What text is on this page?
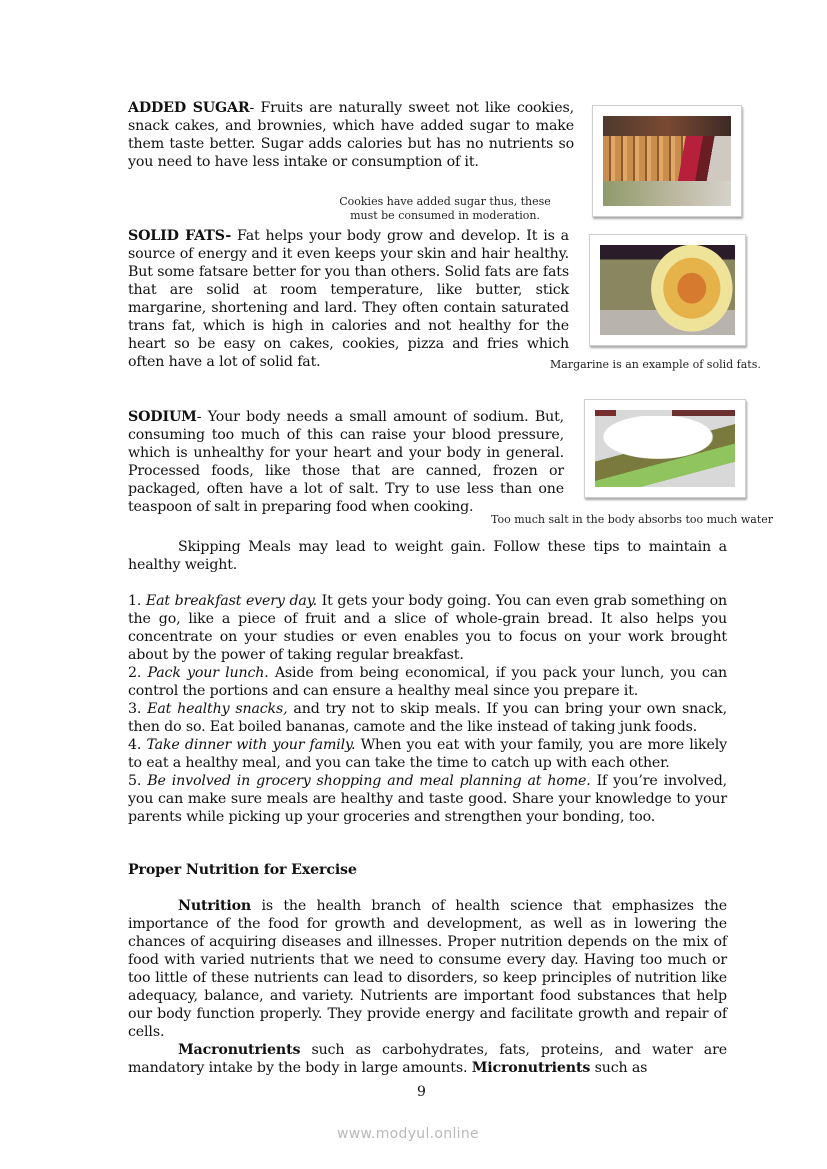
ADDED SUGAR- Fruits are naturally sweet not like cookies, snack cakes, and brownies, which have added sugar to make them taste better. Sugar adds calories but has no nutrients so you need to have less intake or consumption of it.
Cookies have added sugar thus, these
must be consumed in moderation.
SOLID FATS- Fat helps your body grow and develop. It is a source of energy and it even keeps your skin and hair healthy. But some fatsare better for you than others. Solid fats are fats that are solid at room temperature, like butter, stick margarine, shortening and lard. They often contain saturated trans fat, which is high in calories and not healthy for the heart so be easy on cakes, cookies, pizza and fries which often have a lot of solid fat.	Margarine is an example of solid fats.
SODIUM- Your body needs a small amount of sodium. But, consuming too much of this can raise your blood pressure, which is unhealthy for your heart and your body in general. Processed foods, like those that are canned, frozen or packaged, often have a lot of salt. Try to use less than one teaspoon of salt in preparing food when cooking.
Too much salt in the body absorbs too much water
Skipping Meals may lead to weight gain. Follow these tips to maintain a healthy weight.
1. Eat breakfast every day. It gets your body going. You can even grab something on the go, like a piece of fruit and a slice of whole-grain bread. It also helps you concentrate on your studies or even enables you to focus on your work brought about by the power of taking regular breakfast.
2. Pack your lunch. Aside from being economical, if you pack your lunch, you can control the portions and can ensure a healthy meal since you prepare it.
3. Eat healthy snacks, and try not to skip meals. If you can bring your own snack, then do so. Eat boiled bananas, camote and the like instead of taking junk foods.
4. Take dinner with your family. When you eat with your family, you are more likely to eat a healthy meal, and you can take the time to catch up with each other.
5. Be involved in grocery shopping and meal planning at home. If you’re involved, you can make sure meals are healthy and taste good. Share your knowledge to your parents while picking up your groceries and strengthen your bonding, too.
Proper Nutrition for Exercise
Nutrition is the health branch of health science that emphasizes the importance of the food for growth and development, as well as in lowering the chances of acquiring diseases and illnesses. Proper nutrition depends on the mix of food with varied nutrients that we need to consume every day. Having too much or too little of these nutrients can lead to disorders, so keep principles of nutrition like adequacy, balance, and variety. Nutrients are important food substances that help our body function properly. They provide energy and facilitate growth and repair of cells.
Macronutrients such as carbohydrates, fats, proteins, and water are mandatory intake by the body in large amounts. Micronutrients such as
9
www.modyul.online
